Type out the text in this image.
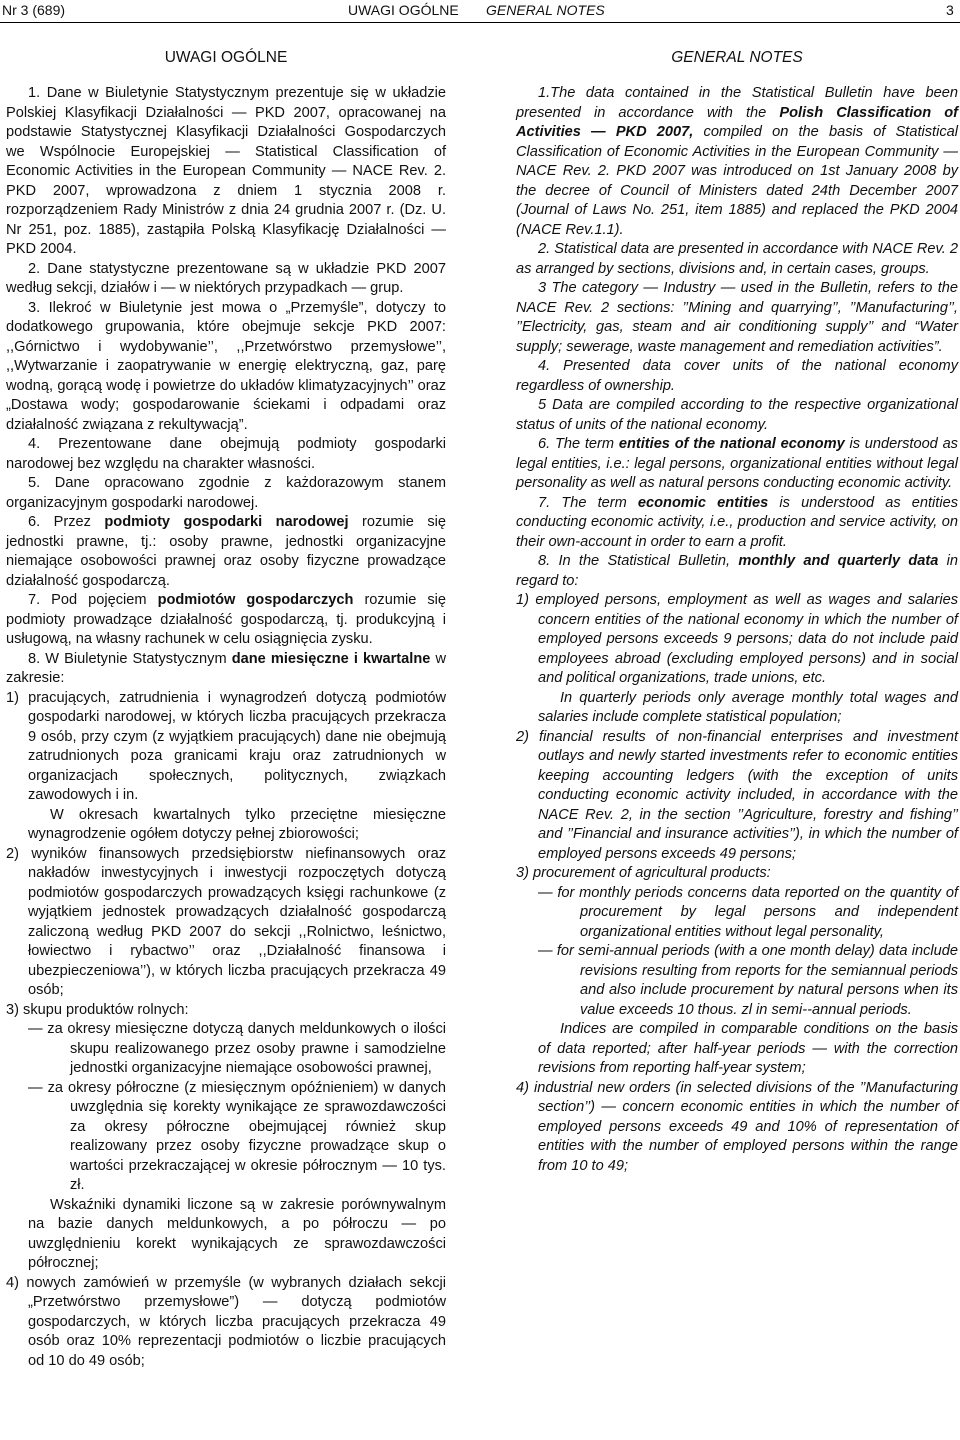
Nr 3 (689)	UWAGI OGÓLNE GENERAL NOTES	3
UWAGI OGÓLNE

1. Dane w Biuletynie Statystycznym prezentuje się w układzie Polskiej Klasyfikacji Działalności — PKD 2007, opracowanej na podstawie Statystycznej Klasyfikacji Działalności Gospodarczych we Wspólnocie Europejskiej — Statistical Classification of Economic Activities in the European Community — NACE Rev. 2. PKD 2007, wprowadzona z dniem 1 stycznia 2008 r. rozporządzeniem Rady Ministrów z dnia 24 grudnia 2007 r. (Dz. U. Nr 251, poz. 1885), zastąpiła Polską Klasyfikację Działalności — PKD 2004.

2. Dane statystyczne prezentowane są w układzie PKD 2007 według sekcji, działów i — w niektórych przypadkach — grup.

3. Ilekroć w Biuletynie jest mowa o „Przemyśle”, dotyczy to dodatkowego grupowania, które obejmuje sekcje PKD 2007: ,,Górnictwo i wydobywanie’’, ,,Przetwórstwo przemysłowe’’, ,,Wytwarzanie i zaopatrywanie w energię elektryczną, gaz, parę wodną, gorącą wodę i powietrze do układów klimatyzacyjnych’’ oraz „Dostawa wody; gospodarowanie ściekami i odpadami oraz działalność związana z rekultywacją”.

4. Prezentowane dane obejmują podmioty gospodarki narodowej bez względu na charakter własności.

5. Dane opracowano zgodnie z każdorazowym stanem organizacyjnym gospodarki narodowej.

6. Przez podmioty gospodarki narodowej rozumie się jednostki prawne, tj.: osoby prawne, jednostki organizacyjne niemające osobowości prawnej oraz osoby fizyczne prowadzące działalność gospodarczą.

7. Pod pojęciem podmiotów gospodarczych rozumie się podmioty prowadzące działalność gospodarczą, tj. produkcyjną i usługową, na własny rachunek w celu osiągnięcia zysku.

8. W Biuletynie Statystycznym dane miesięczne i kwartalne w zakresie:

1) pracujących, zatrudnienia i wynagrodzeń dotyczą podmiotów gospodarki narodowej, w których liczba pracujących przekracza 9 osób, przy czym (z wyjątkiem pracujących) dane nie obejmują zatrudnionych poza granicami kraju oraz zatrudnionych w organizacjach społecznych, politycznych, związkach zawodowych i in.

W okresach kwartalnych tylko przeciętne miesięczne wynagrodzenie ogółem dotyczy pełnej zbiorowości;

2) wyników finansowych przedsiębiorstw niefinansowych oraz nakładów inwestycyjnych i inwestycji rozpoczętych dotyczą podmiotów gospodarczych prowadzących księgi rachunkowe (z wyjątkiem jednostek prowadzących działalność gospodarczą zaliczoną według PKD 2007 do sekcji ,,Rolnictwo, leśnictwo, łowiectwo i rybactwo’’ oraz ,,Działalność finansowa i ubezpieczeniowa’’), w których liczba pracujących przekracza 49 osób;

3) skupu produktów rolnych:

— za okresy miesięczne dotyczą danych meldunkowych o ilości skupu realizowanego przez osoby prawne i samodzielne jednostki organizacyjne niemające osobowości prawnej,

— za okresy półroczne (z miesięcznym opóźnieniem) w danych uwzględnia się korekty wynikające ze sprawozdawczości za okresy półroczne obejmującej również skup realizowany przez osoby fizyczne prowadzące skup o wartości przekraczającej w okresie półrocznym — 10 tys. zł.

Wskaźniki dynamiki liczone są w zakresie porównywalnym na bazie danych meldunkowych, a po półroczu — po uwzględnieniu korekt wynikających ze sprawozdawczości półrocznej;

4) nowych zamówień w przemyśle (w wybranych działach sekcji „Przetwórstwo przemysłowe”) — dotyczą podmiotów gospodarczych, w których liczba pracujących przekracza 49 osób oraz 10% reprezentacji podmiotów o liczbie pracujących od 10 do 49 osób;

GENERAL NOTES

1.The data contained in the Statistical Bulletin have been presented in accordance with the Polish Classification of Activities — PKD 2007, compiled on the basis of Statistical Classification of Economic Activities in the European Community — NACE Rev. 2. PKD 2007 was introduced on 1st January 2008 by the decree of Council of Ministers dated 24th December 2007 (Journal of Laws No. 251, item 1885) and replaced the PKD 2004 (NACE Rev.1.1).

2. Statistical data are presented in accordance with NACE Rev. 2 as arranged by sections, divisions and, in certain cases, groups.

3 The category — Industry — used in the Bulletin, refers to the NACE Rev. 2 sections: ’’Mining and quarrying’’, ’’Manufacturing’’, ’’Electricity, gas, steam and air conditioning supply’’ and “Water supply; sewerage, waste management and remediation activities”.

4. Presented data cover units of the national economy regardless of ownership.

5 Data are compiled according to the respective organizational status of units of the national economy.

6. The term entities of the national economy is understood as legal entities, i.e.: legal persons, organizational entities without legal personality as well as natural persons conducting economic activity.

7. The term economic entities is understood as entities conducting economic activity, i.e., production and service activity, on their own-account in order to earn a profit.

8. In the Statistical Bulletin, monthly and quarterly data in regard to:

1) employed persons, employment as well as wages and salaries concern entities of the national economy in which the number of employed persons exceeds 9 persons; data do not include paid employees abroad (excluding employed persons) and in social and political organizations, trade unions, etc.

In quarterly periods only average monthly total wages and salaries include complete statistical population;

2) financial results of non-financial enterprises and investment outlays and newly started investments refer to economic entities keeping accounting ledgers (with the exception of units conducting economic activity included, in accordance with the NACE Rev. 2, in the section ’’Agriculture, forestry and fishing’’ and ’’Financial and insurance activities’’), in which the number of employed persons exceeds 49 persons;

3) procurement of agricultural products:

— for monthly periods concerns data reported on the quantity of procurement by legal persons and independent organizational entities without legal personality,

— for semi-annual periods (with a one month delay) data include revisions resulting from reports for the semiannual periods and also include procurement by natural persons when its value exceeds 10 thous. zl in semi--annual periods.

Indices are compiled in comparable conditions on the basis of data reported; after half-year periods — with the correction revisions from reporting half-year system;

4) industrial new orders (in selected divisions of the ’’Manufacturing section’’) — concern economic entities in which the number of employed persons exceeds 49 and 10% of representation of entities with the number of employed persons within the range from 10 to 49;
